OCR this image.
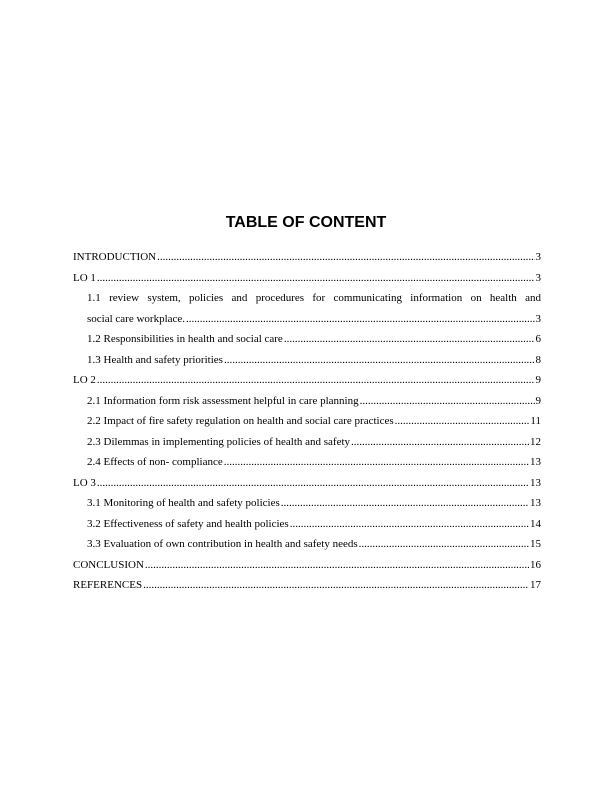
TABLE OF CONTENT
INTRODUCTION .....	3
LO 1 .....	3
1.1 review system, policies and procedures for communicating information on health and
social care workplace. .....	3
1.2 Responsibilities in health and social care .....	6
1.3 Health and safety priorities .....	8
LO 2 .....	9
2.1 Information form risk assessment helpful in care planning .....	9
2.2 Impact of fire safety regulation on health and social care practices .....	11
2.3 Dilemmas in implementing policies of health and safety .....	12
2.4 Effects of non- compliance .....	13
LO 3 .....	13
3.1 Monitoring of health and safety policies .....	13
3.2 Effectiveness of safety and health policies .....	14
3.3 Evaluation of own contribution in health and safety needs .....	15
CONCLUSION .....	16
REFERENCES .....	17
